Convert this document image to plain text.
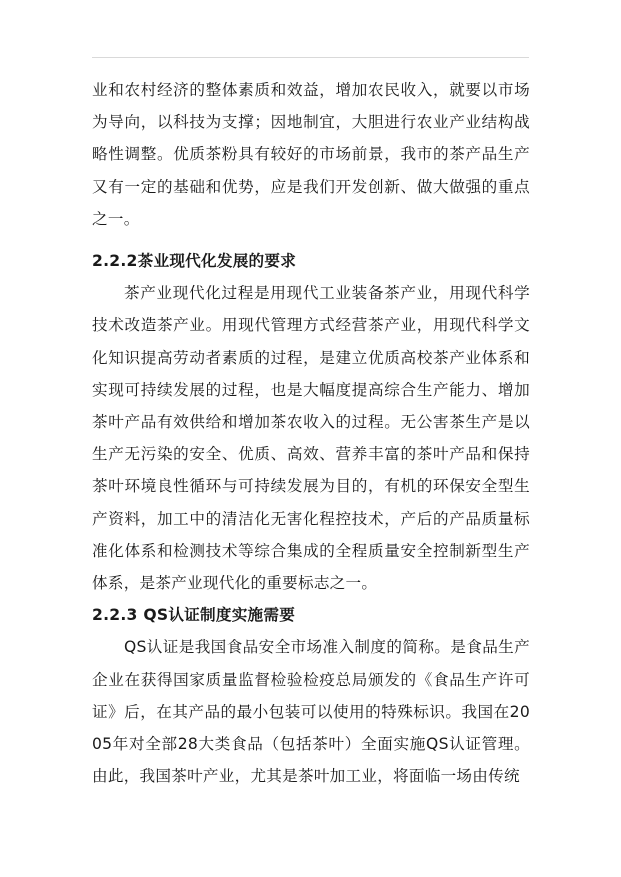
业和农村经济的整体素质和效益，增加农民收入，就要以市场为导向，以科技为支撑；因地制宜，大胆进行农业产业结构战略性调整。优质茶粉具有较好的市场前景，我市的茶产品生产又有一定的基础和优势，应是我们开发创新、做大做强的重点之一。

2.2.2茶业现代化发展的要求

茶产业现代化过程是用现代工业装备茶产业，用现代科学技术改造茶产业。用现代管理方式经营茶产业，用现代科学文化知识提高劳动者素质的过程，是建立优质高校茶产业体系和实现可持续发展的过程，也是大幅度提高综合生产能力、增加茶叶产品有效供给和增加茶农收入的过程。无公害茶生产是以生产无污染的安全、优质、高效、营养丰富的茶叶产品和保持茶叶环境良性循环与可持续发展为目的，有机的环保安全型生产资料，加工中的清洁化无害化程控技术，产后的产品质量标准化体系和检测技术等综合集成的全程质量安全控制新型生产体系，是茶产业现代化的重要标志之一。

2.2.3 QS认证制度实施需要

QS认证是我国食品安全市场准入制度的简称。是食品生产企业在获得国家质量监督检验检疫总局颁发的《食品生产许可证》后，在其产品的最小包装可以使用的特殊标识。我国在2005年对全部28大类食品（包括茶叶）全面实施QS认证管理。由此，我国茶叶产业，尤其是茶叶加工业，将面临一场由传统
